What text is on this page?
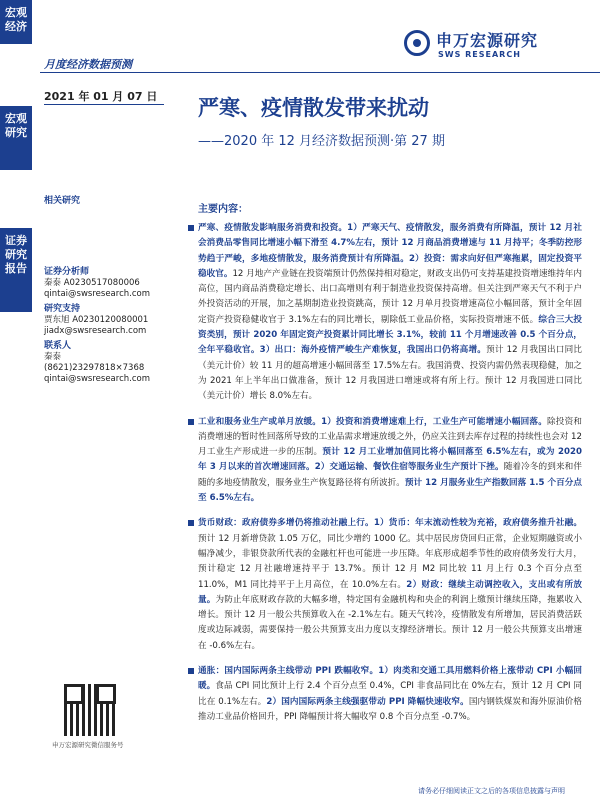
宏观经济
宏观研究
证券研究报告
月度经济数据预测
2021 年 01 月 07 日
申万宏源研究
SWS RESEARCH
严寒、疫情散发带来扰动
——2020 年 12 月经济数据预测·第 27 期
相关研究
证券分析师
秦泰 A0230517080006
qintai@swsresearch.com
研究支持
贾东旭 A0230120080001
jiadx@swsresearch.com
联系人
秦泰
(8621)23297818×7368
qintai@swsresearch.com
申万宏源研究微信服务号
主要内容：
严寒、疫情散发影响服务消费和投资。1）严寒天气、疫情散发，服务消费有所降温，预计 12 月社会消费品零售同比增速小幅下滑至 4.7%左右，预计 12 月商品消费增速与 11 月持平；冬季防控形势趋于严峻，多地疫情散发，服务消费预计有所降温。2）投资：需求向好但严寒拖累，固定投资平稳收官。12 月地产产业链在投资端预计仍然保持相对稳定，财政支出仍可支持基建投资增速维持年内高位，国内商品消费稳定增长、出口高增则有利于制造业投资保持高增。但关注到严寒天气不利于户外投资活动的开展，加之基期制造业投资跳高，预计 12 月单月投资增速高位小幅回落，预计全年固定资产投资稳健收官于 3.1%左右的同比增长，剔除低工业品价格，实际投资增速不低。综合三大投资类别，预计 2020 年固定资产投资累计同比增长 3.1%，较前 11 个月增速改善 0.5 个百分点，全年平稳收官。3）出口：海外疫情严峻生产难恢复，我国出口仍将高增。预计 12 月我国出口同比（美元计价）较 11 月的超高增速小幅回落至 17.5%左右。我国消费、投资内需仍然表现稳健，加之为 2021 年上半年出口做准备，预计 12 月我国进口增速或将有所上行。预计 12 月我国进口同比（美元计价）增长 8.0%左右。
工业和服务业生产或单月放缓。1）投资和消费增速难上行，工业生产可能增速小幅回落。除投资和消费增速的暂时性回落所导致的工业品需求增速放缓之外，仍应关注到去库存过程的持续性也会对 12 月工业生产形成进一步的压制。预计 12 月工业增加值同比将小幅回落至 6.5%左右，或为 2020 年 3 月以来的首次增速回落。2）交通运输、餐饮住宿等服务业生产预计下挫。随着冷冬的到来和伴随的多地疫情散发，服务业生产恢复路径将有所波折。预计 12 月服务业生产指数回落 1.5 个百分点至 6.5%左右。
货币财政：政府债券多增仍将推动社融上行。1）货币：年末流动性较为充裕，政府债务推升社融。预计 12 月新增贷款 1.05 万亿，同比少增约 1000 亿。其中居民房贷回归正常，企业短期融资或小幅净减少，非银贷款所代表的金融杠杆也可能进一步压降。年底形成超季节性的政府债务发行大月，预计稳定 12 月社融增速持平于 13.7%。预计 12 月 M2 同比较 11 月上行 0.3 个百分点至 11.0%，M1 同比持平于上月高位，在 10.0%左右。2）财政：继续主动调控收入，支出或有所放量。为防止年底财政存款的大幅多增，特定国有金融机构和央企的利润上缴预计继续压降，拖累收入增长。预计 12 月一般公共预算收入在 -2.1%左右。随天气转冷，疫情散发有所增加，居民消费活跃度或边际减弱，需要保持一般公共预算支出力度以支撑经济增长。预计 12 月一般公共预算支出增速在 -0.6%左右。
通胀：国内国际两条主线带动 PPI 跌幅收窄。1）肉类和交通工具用燃料价格上涨带动 CPI 小幅回暖。食品 CPI 同比预计上行 2.4 个百分点至 0.4%，CPI 非食品同比在 0%左右，预计 12 月 CPI 同比在 0.1%左右。2）国内国际两条主线强驱带动 PPI 降幅快速收窄。国内钢铁煤炭和海外原油价格推动工业品价格回升，PPI 降幅预计将大幅收窄 0.8 个百分点至 -0.7%。
请务必仔细阅读正文之后的各项信息披露与声明
